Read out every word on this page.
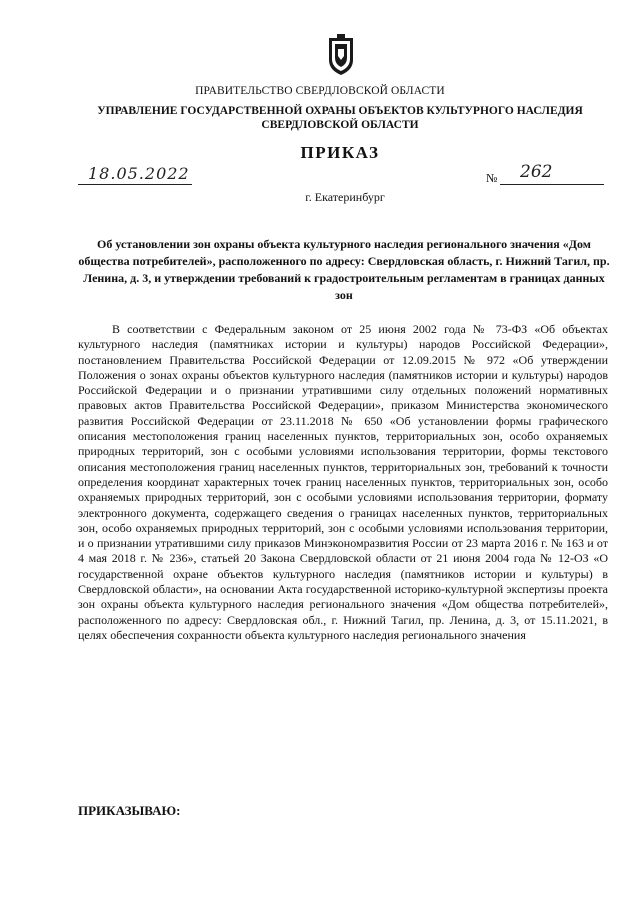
ПРАВИТЕЛЬСТВО СВЕРДЛОВСКОЙ ОБЛАСТИ
УПРАВЛЕНИЕ ГОСУДАРСТВЕННОЙ ОХРАНЫ ОБЪЕКТОВ КУЛЬТУРНОГО НАСЛЕДИЯ СВЕРДЛОВСКОЙ ОБЛАСТИ
ПРИКАЗ
18.05.2022	№ 262
г. Екатеринбург
Об установлении зон охраны объекта культурного наследия регионального значения «Дом общества потребителей», расположенного по адресу: Свердловская область, г. Нижний Тагил, пр. Ленина, д. 3, и утверждении требований к градостроительным регламентам в границах данных зон
В соответствии с Федеральным законом от 25 июня 2002 года № 73-ФЗ «Об объектах культурного наследия (памятниках истории и культуры) народов Российской Федерации», постановлением Правительства Российской Федерации от 12.09.2015 № 972 «Об утверждении Положения о зонах охраны объектов культурного наследия (памятников истории и культуры) народов Российской Федерации и о признании утратившими силу отдельных положений нормативных правовых актов Правительства Российской Федерации», приказом Министерства экономического развития Российской Федерации от 23.11.2018 № 650 «Об установлении формы графического описания местоположения границ населенных пунктов, территориальных зон, особо охраняемых природных территорий, зон с особыми условиями использования территории, формы текстового описания местоположения границ населенных пунктов, территориальных зон, требований к точности определения координат характерных точек границ населенных пунктов, территориальных зон, особо охраняемых природных территорий, зон с особыми условиями использования территории, формату электронного документа, содержащего сведения о границах населенных пунктов, территориальных зон, особо охраняемых природных территорий, зон с особыми условиями использования территории, и о признании утратившими силу приказов Минэкономразвития России от 23 марта 2016 г. № 163 и от 4 мая 2018 г. № 236», статьей 20 Закона Свердловской области от 21 июня 2004 года № 12-ОЗ «О государственной охране объектов культурного наследия (памятников истории и культуры) в Свердловской области», на основании Акта государственной историко-культурной экспертизы проекта зон охраны объекта культурного наследия регионального значения «Дом общества потребителей», расположенного по адресу: Свердловская обл., г. Нижний Тагил, пр. Ленина, д. 3, от 15.11.2021, в целях обеспечения сохранности объекта культурного наследия регионального значения
ПРИКАЗЫВАЮ:
